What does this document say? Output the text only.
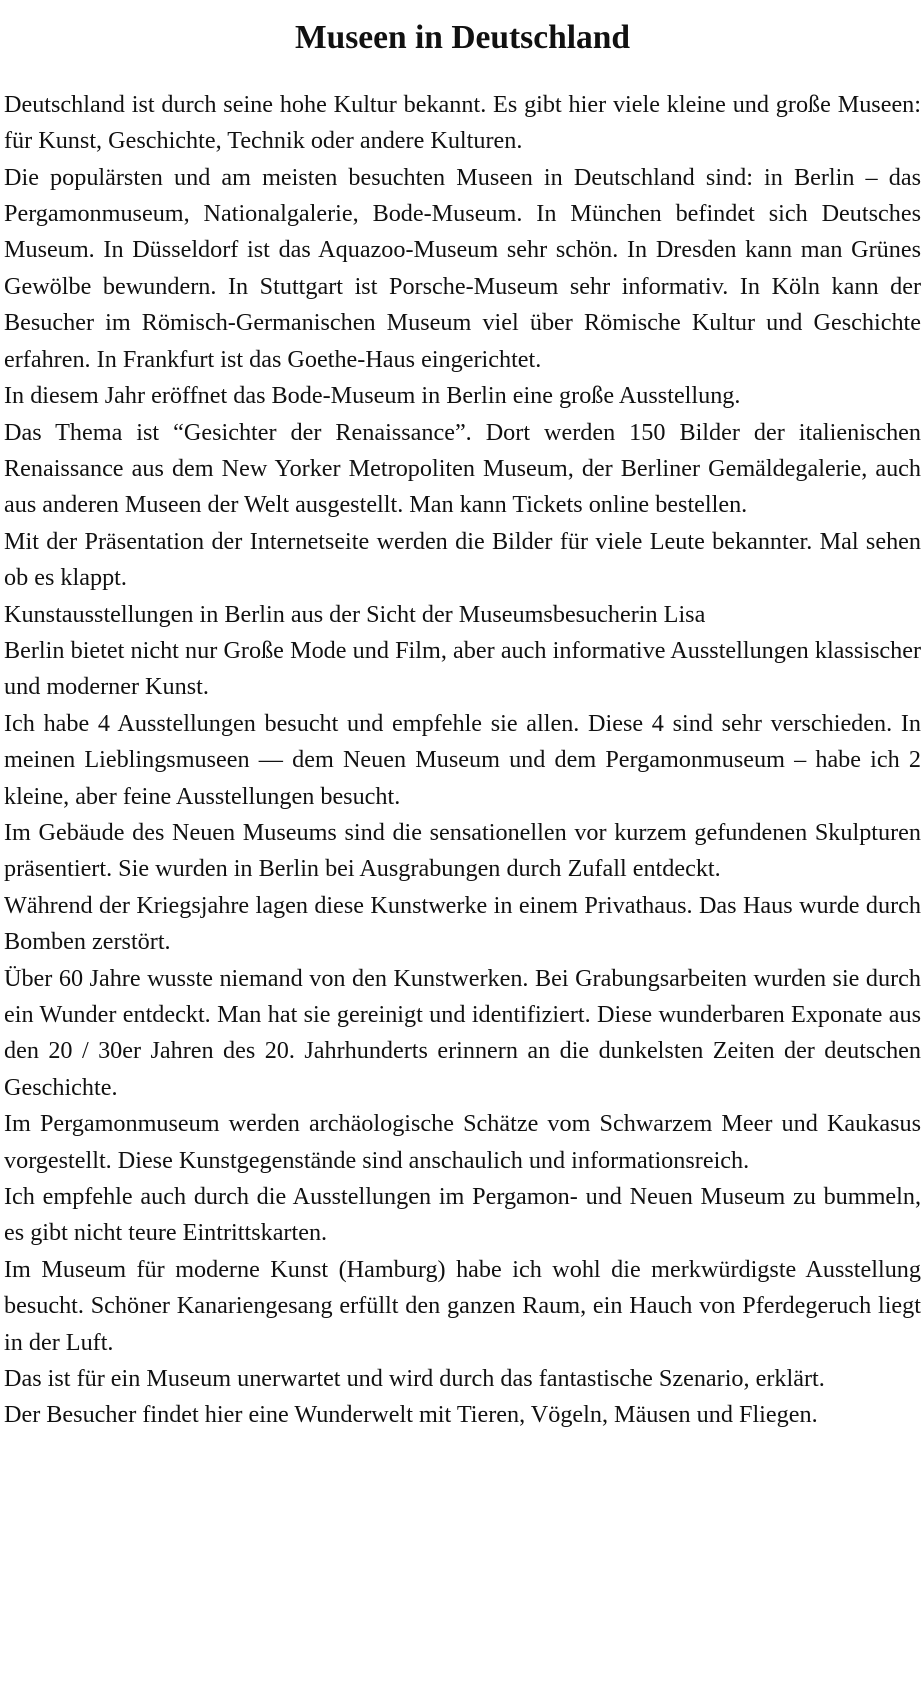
Museen in Deutschland

Deutschland ist durch seine hohe Kultur bekannt. Es gibt hier viele kleine und große Museen: für Kunst, Geschichte, Technik oder andere Kulturen.

Die populärsten und am meisten besuchten Museen in Deutschland sind: in Berlin – das Pergamonmuseum, Nationalgalerie, Bode-Museum. In München befindet sich Deutsches Museum. In Düsseldorf ist das Aquazoo-Museum sehr schön. In Dresden kann man Grünes Gewölbe bewundern. In Stuttgart ist Porsche-Museum sehr informativ. In Köln kann der Besucher im Römisch-Germanischen Museum viel über Römische Kultur und Geschichte erfahren. In Frankfurt ist das Goethe-Haus eingerichtet.

In diesem Jahr eröffnet das Bode-Museum in Berlin eine große Ausstellung.

Das Thema ist “Gesichter der Renaissance”. Dort werden 150 Bilder der italienischen Renaissance aus dem New Yorker Metropoliten Museum, der Berliner Gemäldegalerie, auch aus anderen Museen der Welt ausgestellt. Man kann Tickets online bestellen.

Mit der Präsentation der Internetseite werden die Bilder für viele Leute bekannter. Mal sehen ob es klappt.

Kunstausstellungen in Berlin aus der Sicht der Museumsbesucherin Lisa

Berlin bietet nicht nur Große Mode und Film, aber auch informative Ausstellungen klassischer und moderner Kunst.

Ich habe 4 Ausstellungen besucht und empfehle sie allen. Diese 4 sind sehr verschieden. In meinen Lieblingsmuseen — dem Neuen Museum und dem Pergamonmuseum – habe ich 2 kleine, aber feine Ausstellungen besucht.

Im Gebäude des Neuen Museums sind die sensationellen vor kurzem gefundenen Skulpturen präsentiert. Sie wurden in Berlin bei Ausgrabungen durch Zufall entdeckt.

Während der Kriegsjahre lagen diese Kunstwerke in einem Privathaus. Das Haus wurde durch Bomben zerstört.

Über 60 Jahre wusste niemand von den Kunstwerken. Bei Grabungsarbeiten wurden sie durch ein Wunder entdeckt. Man hat sie gereinigt und identifiziert. Diese wunderbaren Exponate aus den 20 / 30er Jahren des 20. Jahrhunderts erinnern an die dunkelsten Zeiten der deutschen Geschichte.

Im Pergamonmuseum werden archäologische Schätze vom Schwarzem Meer und Kaukasus vorgestellt. Diese Kunstgegenstände sind anschaulich und informationsreich.

Ich empfehle auch durch die Ausstellungen im Pergamon- und Neuen Museum zu bummeln, es gibt nicht teure Eintrittskarten.

Im Museum für moderne Kunst (Hamburg) habe ich wohl die merkwürdigste Ausstellung besucht. Schöner Kanariengesang erfüllt den ganzen Raum, ein Hauch von Pferdegeruch liegt in der Luft.

Das ist für ein Museum unerwartet und wird durch das fantastische Szenario, erklärt.

Der Besucher findet hier eine Wunderwelt mit Tieren, Vögeln, Mäusen und Fliegen.
